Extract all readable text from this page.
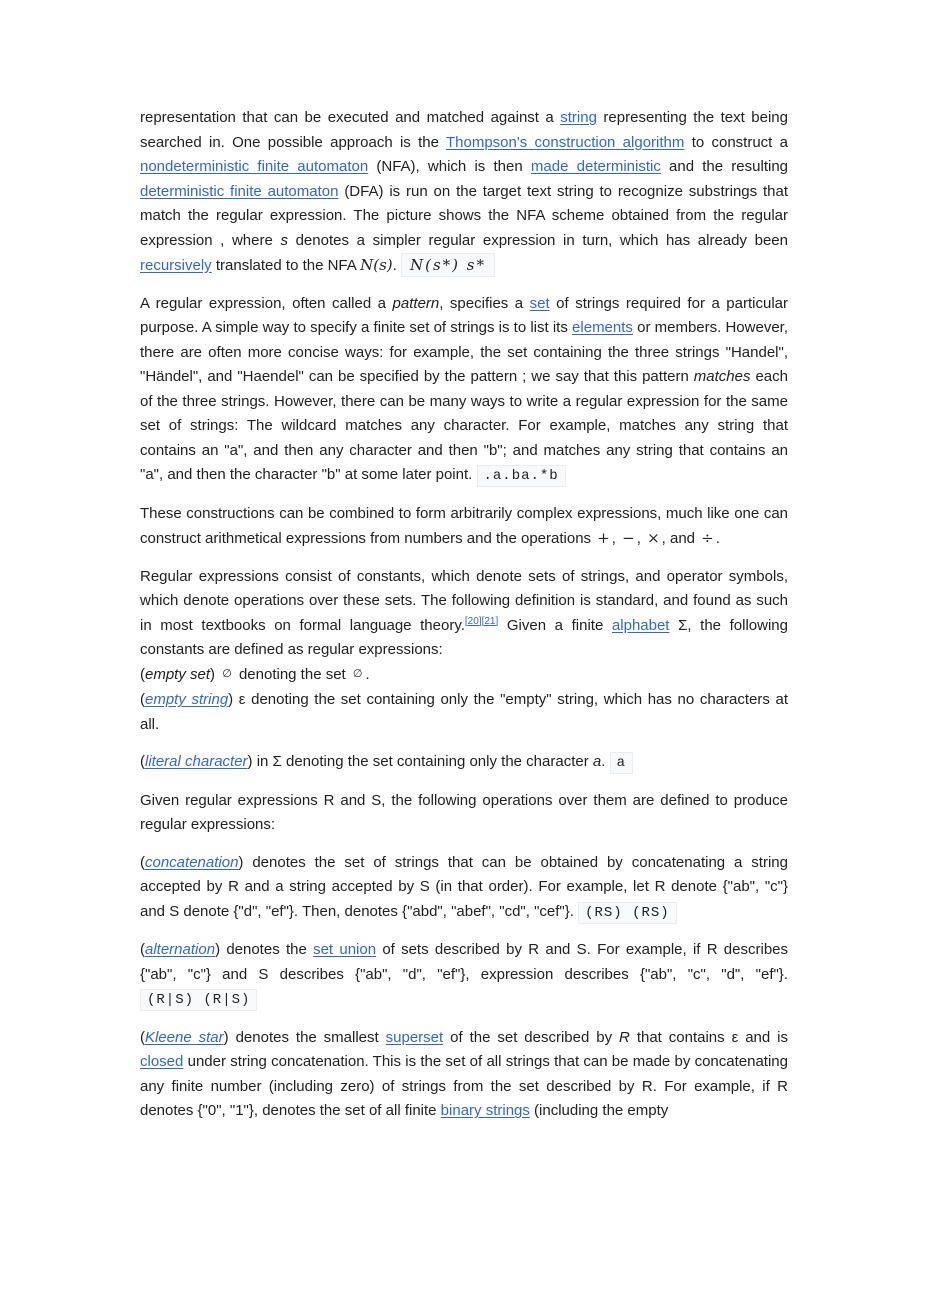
representation that can be executed and matched against a string representing the text being searched in. One possible approach is the Thompson's construction algorithm to construct a nondeterministic finite automaton (NFA), which is then made deterministic and the resulting deterministic finite automaton (DFA) is run on the target text string to recognize substrings that match the regular expression. The picture shows the NFA scheme obtained from the regular expression , where s denotes a simpler regular expression in turn, which has already been recursively translated to the NFA N(s). N(s*) s*

A regular expression, often called a pattern, specifies a set of strings required for a particular purpose. A simple way to specify a finite set of strings is to list its elements or members. However, there are often more concise ways: for example, the set containing the three strings "Handel", "Händel", and "Haendel" can be specified by the pattern ; we say that this pattern matches each of the three strings. However, there can be many ways to write a regular expression for the same set of strings: The wildcard matches any character. For example, matches any string that contains an "a", and then any character and then "b"; and matches any string that contains an "a", and then the character "b" at some later point. .a.ba.*b

These constructions can be combined to form arbitrarily complex expressions, much like one can construct arithmetical expressions from numbers and the operations + , − , × , and ÷ .

Regular expressions consist of constants, which denote sets of strings, and operator symbols, which denote operations over these sets. The following definition is standard, and found as such in most textbooks on formal language theory.[20][21] Given a finite alphabet Σ, the following constants are defined as regular expressions:
(empty set) ∅ denoting the set ∅ .
(empty string) ε denoting the set containing only the "empty" string, which has no characters at all.

(literal character) in Σ denoting the set containing only the character a. a

Given regular expressions R and S, the following operations over them are defined to produce regular expressions:

(concatenation) denotes the set of strings that can be obtained by concatenating a string accepted by R and a string accepted by S (in that order). For example, let R denote {"ab", "c"} and S denote {"d", "ef"}. Then, denotes {"abd", "abef", "cd", "cef"}. (RS) (RS)

(alternation) denotes the set union of sets described by R and S. For example, if R describes {"ab", "c"} and S describes {"ab", "d", "ef"}, expression describes {"ab", "c", "d", "ef"}. (R|S) (R|S)

(Kleene star) denotes the smallest superset of the set described by R that contains ε and is closed under string concatenation. This is the set of all strings that can be made by concatenating any finite number (including zero) of strings from the set described by R. For example, if R denotes {"0", "1"}, denotes the set of all finite binary strings (including the empty
